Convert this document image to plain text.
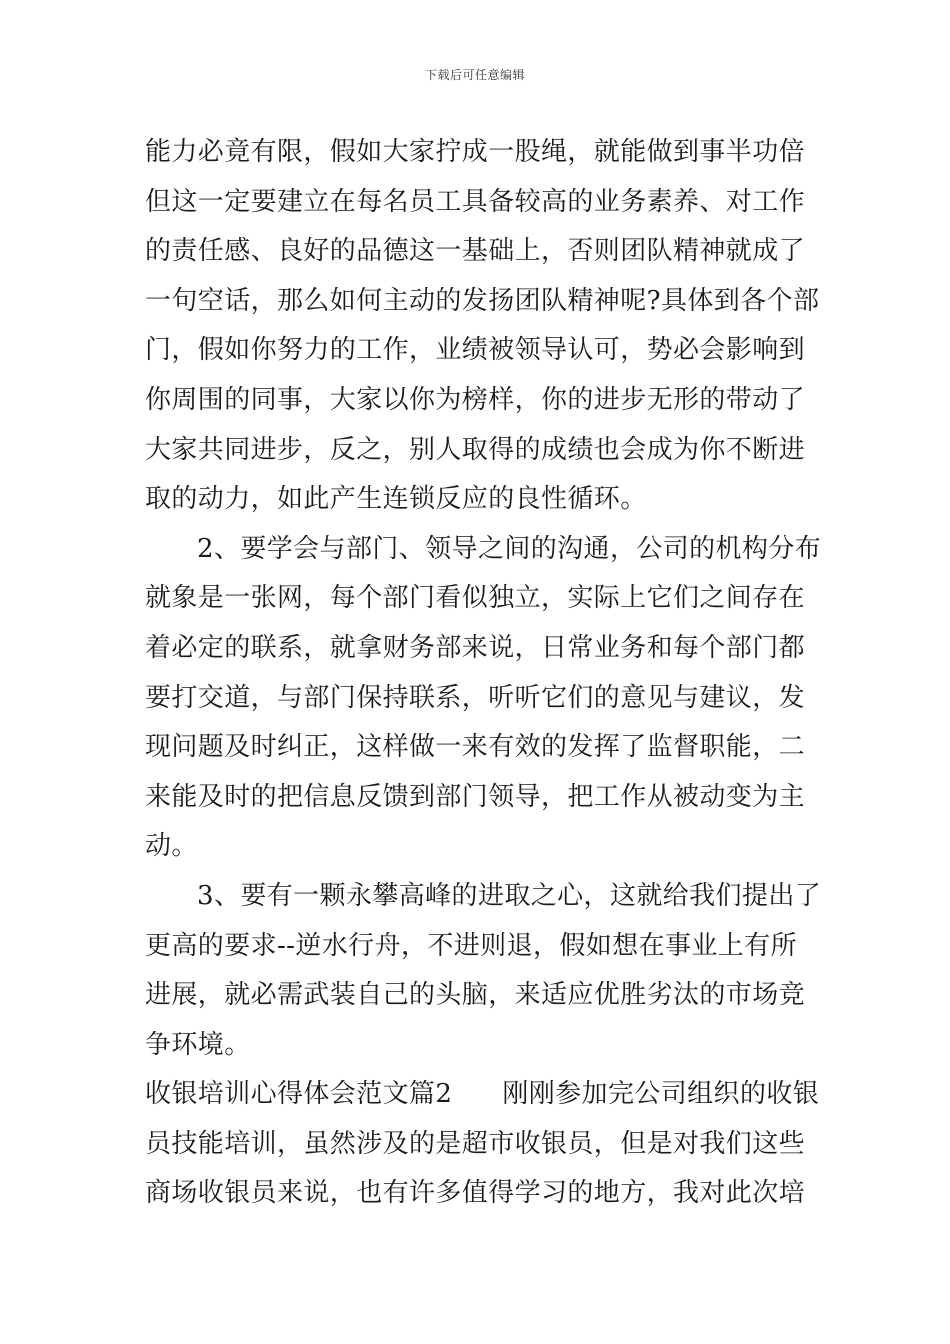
下载后可任意编辑
能力必竟有限，假如大家拧成一股绳，就能做到事半功倍
但这一定要建立在每名员工具备较高的业务素养、对工作
的责任感、良好的品德这一基础上，否则团队精神就成了
一句空话，那么如何主动的发扬团队精神呢?具体到各个部
门，假如你努力的工作，业绩被领导认可，势必会影响到
你周围的同事，大家以你为榜样，你的进步无形的带动了
大家共同进步，反之，别人取得的成绩也会成为你不断进
取的动力，如此产生连锁反应的良性循环。
2、要学会与部门、领导之间的沟通，公司的机构分布
就象是一张网，每个部门看似独立，实际上它们之间存在
着必定的联系，就拿财务部来说，日常业务和每个部门都
要打交道，与部门保持联系，听听它们的意见与建议，发
现问题及时纠正，这样做一来有效的发挥了监督职能，二
来能及时的把信息反馈到部门领导，把工作从被动变为主
动。
3、要有一颗永攀高峰的进取之心，这就给我们提出了
更高的要求--逆水行舟，不进则退，假如想在事业上有所
进展，就必需武装自己的头脑，来适应优胜劣汰的市场竞
争环境。
收银培训心得体会范文篇2 刚刚参加完公司组织的收银
员技能培训，虽然涉及的是超市收银员，但是对我们这些
商场收银员来说，也有许多值得学习的地方，我对此次培
